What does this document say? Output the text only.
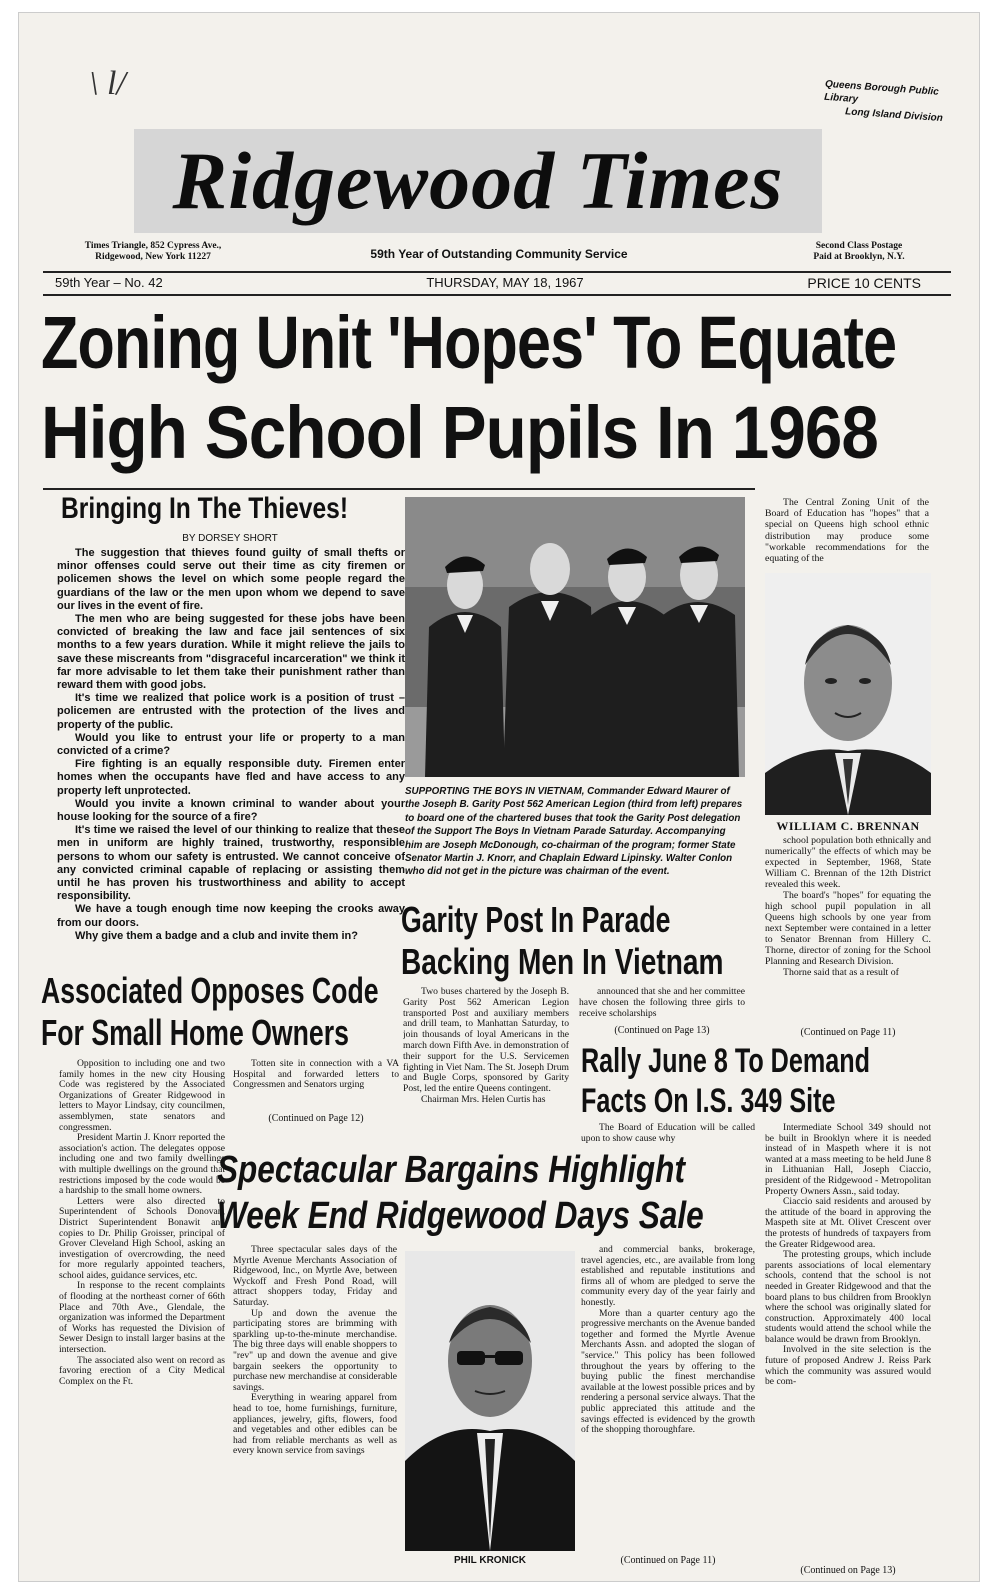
\ l/	Queens Borough Public Library
Long Island Division
Ridgewood Times
Times Triangle, 852 Cypress Ave.,
Ridgewood, New York 11227	59th Year of Outstanding Community Service
Second Class Postage
Paid at Brooklyn, N.Y.
59th Year – No. 42	THURSDAY, MAY 18, 1967	PRICE 10 CENTS
Zoning Unit 'Hopes' To Equate
High School Pupils In 1968
Bringing In The Thieves!
BY DORSEY SHORT

The suggestion that thieves found guilty of small thefts or minor offenses could serve out their time as city firemen or policemen shows the level on which some people regard the guardians of the law or the men upon whom we depend to save our lives in the event of fire.

The men who are being suggested for these jobs have been convicted of breaking the law and face jail sentences of six months to a few years duration. While it might relieve the jails to save these miscreants from "disgraceful incarceration" we think it far more advisable to let them take their punishment rather than reward them with good jobs.

It's time we realized that police work is a position of trust – policemen are entrusted with the protection of the lives and property of the public.

Would you like to entrust your life or property to a man convicted of a crime?

Fire fighting is an equally responsible duty. Firemen enter homes when the occupants have fled and have access to any property left unprotected.

Would you invite a known criminal to wander about your house looking for the source of a fire?

It's time we raised the level of our thinking to realize that these men in uniform are highly trained, trustworthy, responsible persons to whom our safety is entrusted. We cannot conceive of any convicted criminal capable of replacing or assisting them until he has proven his trustworthiness and ability to accept responsibility.

We have a tough enough time now keeping the crooks away from our doors.

Why give them a badge and a club and invite them in?

Associated Opposes Code
For Small Home Owners

Opposition to including one and two family homes in the new city Housing Code was registered by the Associated Organizations of Greater Ridgewood in letters to Mayor Lindsay, city councilmen, assemblymen, state senators and congressmen.

President Martin J. Knorr reported the association's action. The delegates oppose including one and two family dwellings with multiple dwellings on the ground that restrictions imposed by the code would be a hardship to the small home owners.

Letters were also directed to Superintendent of Schools Donovan, District Superintendent Bonawit and copies to Dr. Philip Groisser, principal of Grover Cleveland High School, asking an investigation of overcrowding, the need for more regularly appointed teachers, school aides, guidance services, etc.

In response to the recent complaints of flooding at the northeast corner of 66th Place and 70th Ave., Glendale, the organization was informed the Department of Works has requested the Division of Sewer Design to install larger basins at the intersection.

The associated also went on record as favoring erection of a City Medical Complex on the Ft.

Totten site in connection with a VA Hospital and forwarded letters to Congressmen and Senators urging

(Continued on Page 12)
SUPPORTING THE BOYS IN VIETNAM, Commander Edward Maurer of the Joseph B. Garity Post 562 American Legion (third from left) prepares to board one of the chartered buses that took the Garity Post delegation of the Support The Boys In Vietnam Parade Saturday. Accompanying him are Joseph McDonough, co-chairman of the program; former State Senator Martin J. Knorr, and Chaplain Edward Lipinsky. Walter Conlon who did not get in the picture was chairman of the event.
Garity Post In Parade
Backing Men In Vietnam

Two buses chartered by the Joseph B. Garity Post 562 American Legion transported Post and auxiliary members and drill team, to Manhattan Saturday, to join thousands of loyal Americans in the march down Fifth Ave. in demonstration of their support for the U.S. Servicemen fighting in Viet Nam. The St. Joseph Drum and Bugle Corps, sponsored by Garity Post, led the entire Queens contingent.

Chairman Mrs. Helen Curtis has

announced that she and her committee have chosen the following three girls to receive scholarships

(Continued on Page 13)

The Central Zoning Unit of the Board of Education has "hopes" that a special on Queens high school ethnic distribution may produce some "workable recommendations for the equating of the

WILLIAM C. BRENNAN

school population both ethnically and numerically" the effects of which may be expected in September, 1968, State William C. Brennan of the 12th District revealed this week.

The board's "hopes" for equating the high school pupil population in all Queens high schools by one year from next September were contained in a letter to Senator Brennan from Hillery C. Thorne, director of zoning for the School Planning and Research Division.

Thorne said that as a result of

(Continued on Page 11)
Rally June 8 To Demand
Facts On I.S. 349 Site

The Board of Education will be called upon to show cause why

Intermediate School 349 should not be built in Brooklyn where it is needed instead of in Maspeth where it is not wanted at a mass meeting to be held June 8 in Lithuanian Hall, Joseph Ciaccio, president of the Ridgewood - Metropolitan Property Owners Assn., said today.

Ciaccio said residents and aroused by the attitude of the board in approving the Maspeth site at Mt. Olivet Crescent over the protests of hundreds of taxpayers from the Greater Ridgewood area.

The protesting groups, which include parents associations of local elementary schools, contend that the school is not needed in Greater Ridgewood and that the board plans to bus children from Brooklyn where the school was originally slated for construction. Approximately 400 local students would attend the school while the balance would be drawn from Brooklyn.

Involved in the site selection is the future of proposed Andrew J. Reiss Park which the community was assured would be com-

(Continued on Page 13)
Spectacular Bargains Highlight
Week End Ridgewood Days Sale

Three spectacular sales days of the Myrtle Avenue Merchants Association of Ridgewood, Inc., on Myrtle Ave, between Wyckoff and Fresh Pond Road, will attract shoppers today, Friday and Saturday.

Up and down the avenue the participating stores are brimming with sparkling up-to-the-minute merchandise. The big three days will enable shoppers to "rev" up and down the avenue and give bargain seekers the opportunity to purchase new merchandise at considerable savings.

Everything in wearing apparel from head to toe, home furnishings, furniture, appliances, jewelry, gifts, flowers, food and vegetables and other edibles can be had from reliable merchants as well as every known service from savings

PHIL KRONICK

and commercial banks, brokerage, travel agencies, etc., are available from long established and reputable institutions and firms all of whom are pledged to serve the community every day of the year fairly and honestly.

More than a quarter century ago the progressive merchants on the Avenue banded together and formed the Myrtle Avenue Merchants Assn. and adopted the slogan of "service." This policy has been followed throughout the years by offering to the buying public the finest merchandise available at the lowest possible prices and by rendering a personal service always. That the public appreciated this attitude and the savings effected is evidenced by the growth of the shopping thoroughfare.

(Continued on Page 11)
